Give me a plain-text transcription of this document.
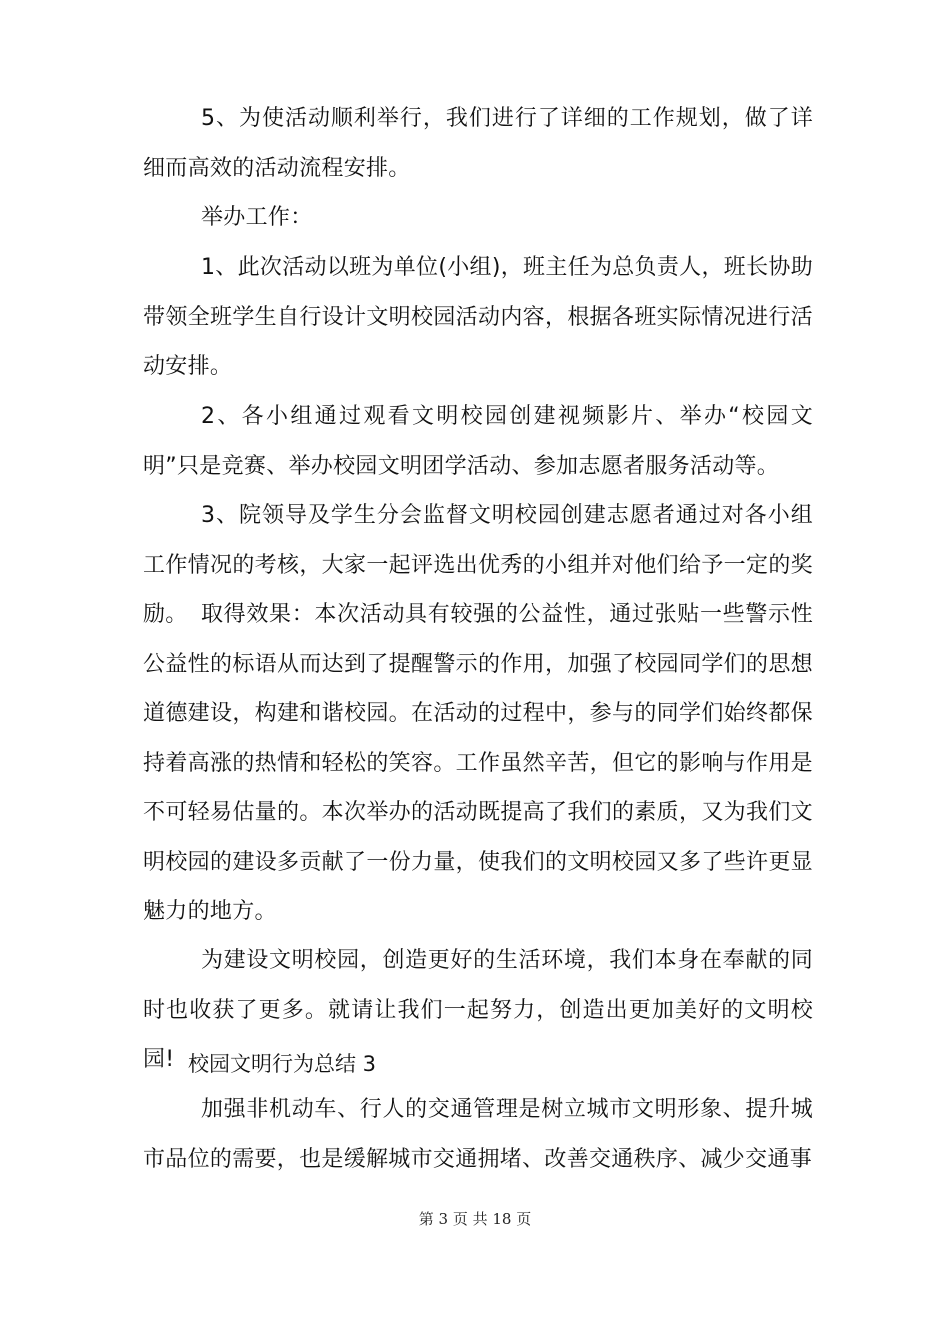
5、为使活动顺利举行，我们进行了详细的工作规划，做了详细而高效的活动流程安排。

举办工作：

1、此次活动以班为单位(小组)，班主任为总负责人，班长协助带领全班学生自行设计文明校园活动内容，根据各班实际情况进行活动安排。

2、各小组通过观看文明校园创建视频影片、举办“校园文明”只是竞赛、举办校园文明团学活动、参加志愿者服务活动等。

3、院领导及学生分会监督文明校园创建志愿者通过对各小组工作情况的考核，大家一起评选出优秀的小组并对他们给予一定的奖励。 取得效果：本次活动具有较强的公益性，通过张贴一些警示性公益性的标语从而达到了提醒警示的作用，加强了校园同学们的思想道德建设，构建和谐校园。在活动的过程中，参与的同学们始终都保持着高涨的热情和轻松的笑容。工作虽然辛苦，但它的影响与作用是不可轻易估量的。本次举办的活动既提高了我们的素质，又为我们文明校园的建设多贡献了一份力量，使我们的文明校园又多了些许更显魅力的地方。

为建设文明校园，创造更好的生活环境，我们本身在奉献的同时也收获了更多。就请让我们一起努力，创造出更加美好的文明校园! 校园文明行为总结 3

加强非机动车、行人的交通管理是树立城市文明形象、提升城市品位的需要，也是缓解城市交通拥堵、改善交通秩序、减少交通事

第 3 页 共 18 页
